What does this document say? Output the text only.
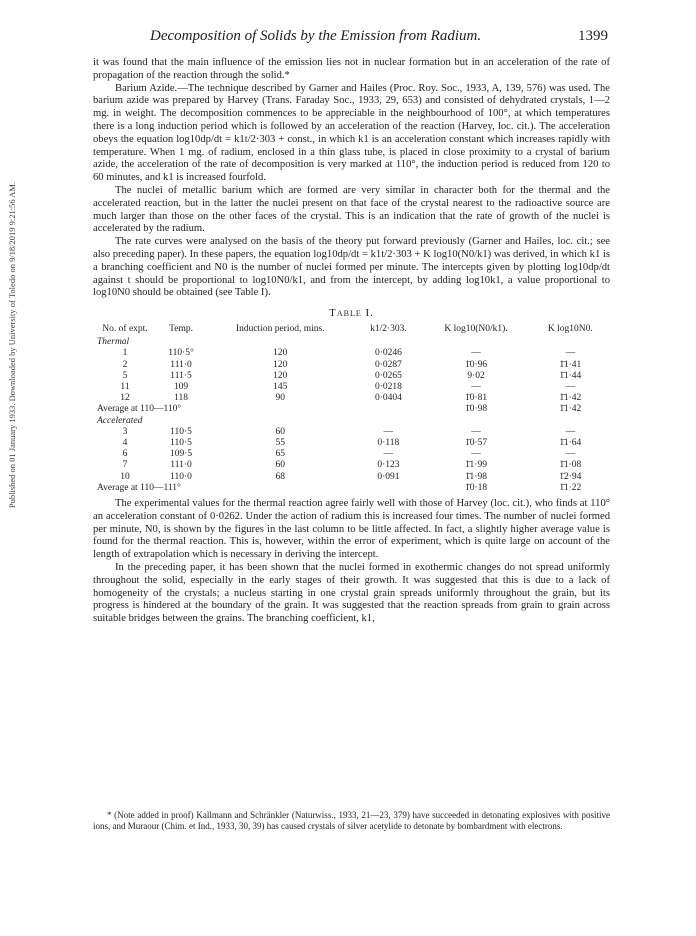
Published on 01 January 1933. Downloaded by University of Toledo on 9/18/2019 9:21:56 AM.
Decomposition of Solids by the Emission from Radium.	1399

it was found that the main influence of the emission lies not in nuclear formation but in an acceleration of the rate of propagation of the reaction through the solid.*

Barium Azide.—The technique described by Garner and Hailes (Proc. Roy. Soc., 1933, A, 139, 576) was used. The barium azide was prepared by Harvey (Trans. Faraday Soc., 1933, 29, 653) and consisted of dehydrated crystals, 1—2 mg. in weight. The decomposition commences to be appreciable in the neighbourhood of 100°, at which temperatures there is a long induction period which is followed by an acceleration of the reaction (Harvey, loc. cit.). The acceleration obeys the equation log10dp/dt = k1t/2·303 + const., in which k1 is an acceleration constant which increases rapidly with temperature. When 1 mg. of radium, enclosed in a thin glass tube, is placed in close proximity to a crystal of barium azide, the acceleration of the rate of decomposition is very marked at 110°, the induction period is reduced from 120 to 60 minutes, and k1 is increased fourfold.

The nuclei of metallic barium which are formed are very similar in character both for the thermal and the accelerated reaction, but in the latter the nuclei present on that face of the crystal nearest to the radioactive source are much larger than those on the other faces of the crystal. This is an indication that the rate of growth of the nuclei is accelerated by the radium.

The rate curves were analysed on the basis of the theory put forward previously (Garner and Hailes, loc. cit.; see also preceding paper). In these papers, the equation log10dp/dt = k1t/2·303 + K log10(N0/k1) was derived, in which k1 is a branching coefficient and N0 is the number of nuclei formed per minute. The intercepts given by plotting log10dp/dt against t should be proportional to log10N0/k1, and from the intercept, by adding log10k1, a value proportional to log10N0 should be obtained (see Table I).

Table I.
No. of expt.	Temp.	Induction period, mins.	k1/2·303.	K log10(N0/k1).	K log10N0.
Thermal					
1	110·5°	120	0·0246	—	—
2	111·0	120	0·0287	1̄0·96	1̄1·41
5	111·5	120	0·0265	9·02	1̄1·44
11	109	145	0·0218	—	—
12	118	90	0·0404	1̄0·81	1̄1·42
Average at 110—110°				1̄0·98	1̄1·42
Accelerated					
3	110·5	60	—	—	—
4	110·5	55	0·118	1̄0·57	1̄1·64
6	109·5	65	—	—	—
7	111·0	60	0·123	1̄1·99	1̄1·08
10	110·0	68	0·091	1̄1·98	1̄2·94
Average at 110—111°				1̄0·18	1̄1·22

The experimental values for the thermal reaction agree fairly well with those of Harvey (loc. cit.), who finds at 110° an acceleration constant of 0·0262. Under the action of radium this is increased four times. The number of nuclei formed per minute, N0, is shown by the figures in the last column to be little affected. In fact, a slightly higher average value is found for the thermal reaction. This is, however, within the error of experiment, which is quite large on account of the length of extrapolation which is necessary in deriving the intercept.

In the preceding paper, it has been shown that the nuclei formed in exothermic changes do not spread uniformly throughout the solid, especially in the early stages of their growth. It was suggested that this is due to a lack of homogeneity of the crystals; a nucleus starting in one crystal grain spreads uniformly throughout the grain, but its progress is hindered at the boundary of the grain. It was suggested that the reaction spreads from grain to grain across suitable bridges between the grains. The branching coefficient, k1,

* (Note added in proof) Kallmann and Schränkler (Naturwiss., 1933, 21—23, 379) have succeeded in detonating explosives with positive ions, and Muraour (Chim. et Ind., 1933, 30, 39) has caused crystals of silver acetylide to detonate by bombardment with electrons.
